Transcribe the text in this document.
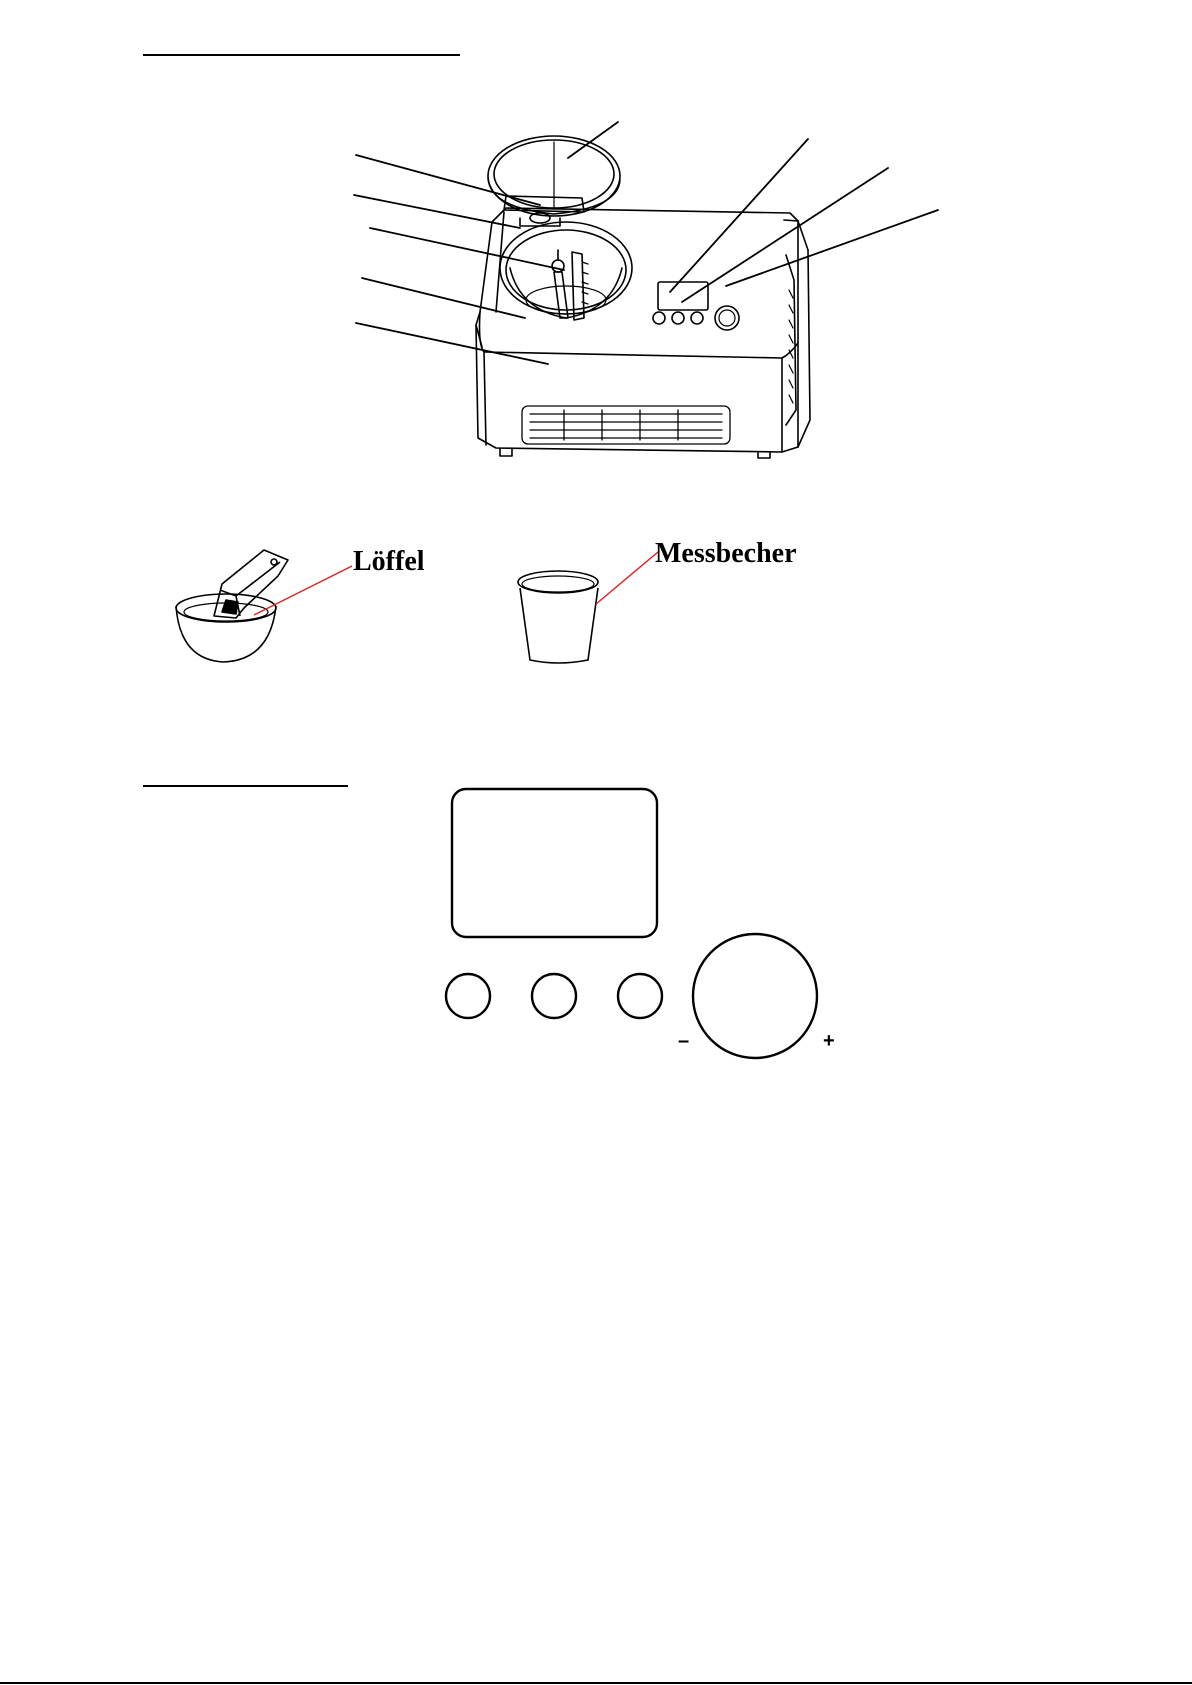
Löffel	Messbecher
–	+
